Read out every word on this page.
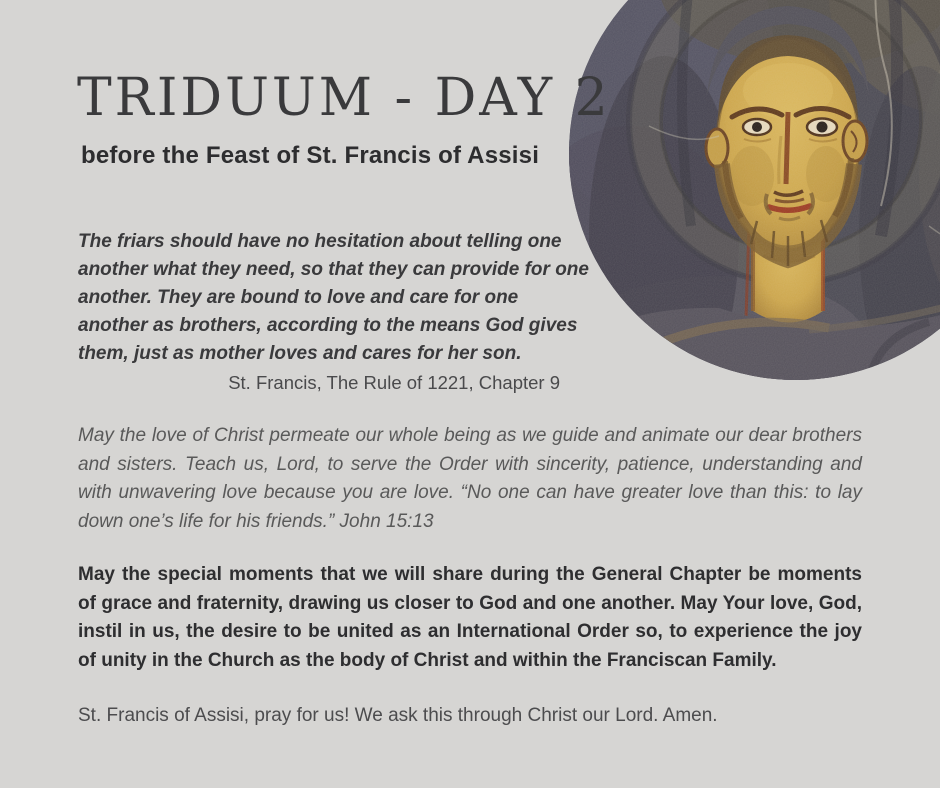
TRIDUUM - DAY 2
before the Feast of St. Francis of Assisi
The friars should have no hesitation about telling one another what they need, so that they can provide for one another. They are bound to love and care for one another as brothers, according to the means God gives them, just as mother loves and cares for her son.
St. Francis, The Rule of 1221, Chapter 9
May the love of Christ permeate our whole being as we guide and animate our dear brothers and sisters. Teach us, Lord, to serve the Order with sincerity, patience, understanding and with unwavering love because you are love. “No one can have greater love than this: to lay down one’s life for his friends.” John 15:13
May the special moments that we will share during the General Chapter be moments of grace and fraternity, drawing us closer to God and one another. May Your love, God, instil in us, the desire to be united as an International Order so, to experience the joy of unity in the Church as the body of Christ and within the Franciscan Family.
St. Francis of Assisi, pray for us! We ask this through Christ our Lord. Amen.
